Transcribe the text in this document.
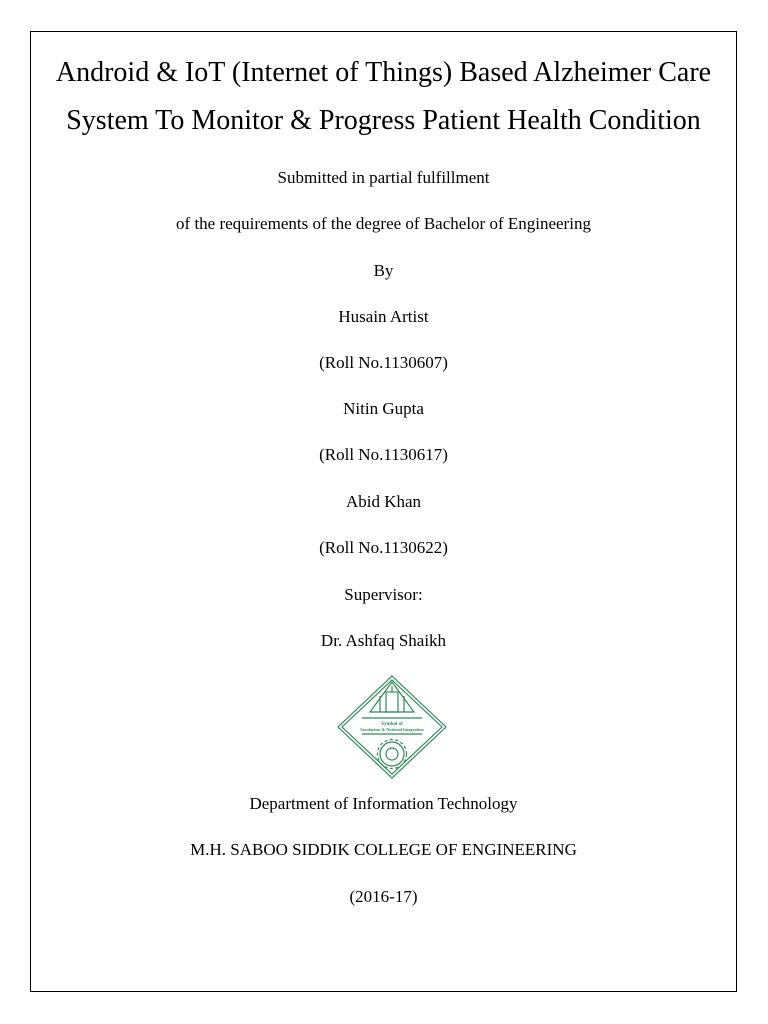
Android & IoT (Internet of Things) Based Alzheimer Care
System To Monitor & Progress Patient Health Condition
Submitted in partial fulfillment
of the requirements of the degree of Bachelor of Engineering
By
Husain Artist
(Roll No.1130607)
Nitin Gupta
(Roll No.1130617)
Abid Khan
(Roll No.1130622)
Supervisor:
Dr. Ashfaq Shaikh
Symbol of
Secularism & National Integration
Department of Information Technology
M.H. SABOO SIDDIK COLLEGE OF ENGINEERING
(2016-17)
